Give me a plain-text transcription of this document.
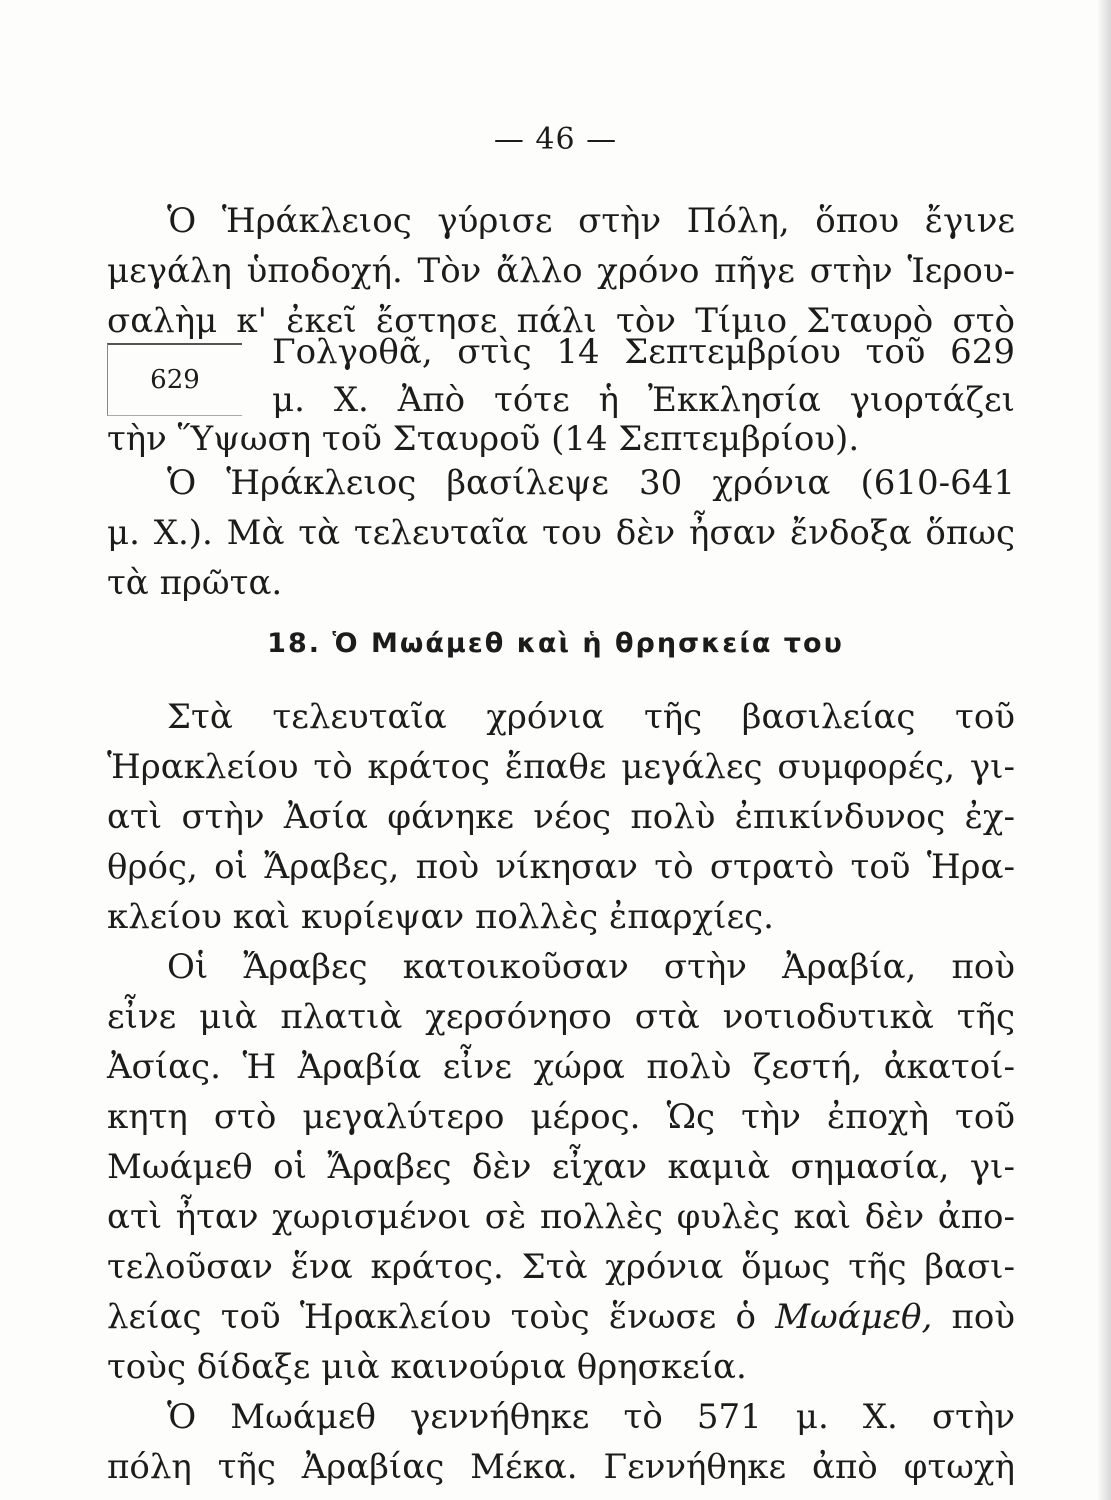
— 46 —
Ὁ Ἡράκλειος γύρισε στὴν Πόλη, ὅπου ἔγινε
μεγάλη ὑποδοχή. Τὸν ἄλλο χρόνο πῆγε στὴν Ἱερου-
σαλὴμ κ' ἐκεῖ ἔστησε πάλι τὸν Τίμιο Σταυρὸ στὸ
629
Γολγοθᾶ, στὶς 14 Σεπτεμβρίου τοῦ 629
μ. Χ. Ἀπὸ τότε ἡ Ἐκκλησία γιορτάζει
τὴν Ὕψωση τοῦ Σταυροῦ (14 Σεπτεμβρίου).
Ὁ Ἡράκλειος βασίλεψε 30 χρόνια (610-641
μ. Χ.). Μὰ τὰ τελευταῖα του δὲν ἦσαν ἔνδοξα ὅπως
τὰ πρῶτα.
18. Ὁ Μωάμεθ καὶ ἡ θρησκεία του
Στὰ τελευταῖα χρόνια τῆς βασιλείας τοῦ
Ἡρακλείου τὸ κράτος ἔπαθε μεγάλες συμφορές, γι-
ατὶ στὴν Ἀσία φάνηκε νέος πολὺ ἐπικίνδυνος ἐχ-
θρός, οἱ Ἄραβες, ποὺ νίκησαν τὸ στρατὸ τοῦ Ἡρα-
κλείου καὶ κυρίεψαν πολλὲς ἐπαρχίες.
Οἱ Ἄραβες κατοικοῦσαν στὴν Ἀραβία, ποὺ
εἶνε μιὰ πλατιὰ χερσόνησο στὰ νοτιοδυτικὰ τῆς
Ἀσίας. Ἡ Ἀραβία εἶνε χώρα πολὺ ζεστή, ἀκατοί-
κητη στὸ μεγαλύτερο μέρος. Ὡς τὴν ἐποχὴ τοῦ
Μωάμεθ οἱ Ἄραβες δὲν εἶχαν καμιὰ σημασία, γι-
ατὶ ἦταν χωρισμένοι σὲ πολλὲς φυλὲς καὶ δὲν ἀπο-
τελοῦσαν ἕνα κράτος. Στὰ χρόνια ὅμως τῆς βασι-
λείας τοῦ Ἡρακλείου τοὺς ἕνωσε ὁ Μωάμεθ, ποὺ
τοὺς δίδαξε μιὰ καινούρια θρησκεία.
Ὁ Μωάμεθ γεννήθηκε τὸ 571 μ. Χ. στὴν
πόλη τῆς Ἀραβίας Μέκα. Γεννήθηκε ἀπὸ φτωχὴ
